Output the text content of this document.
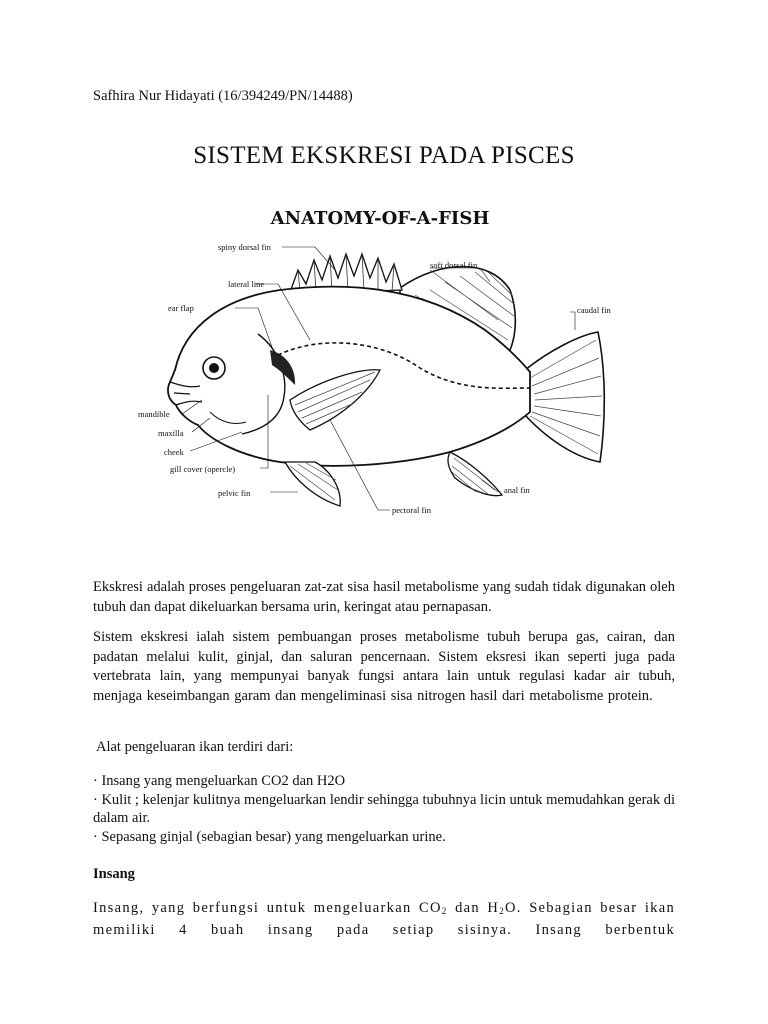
Safhira Nur Hidayati (16/394249/PN/14488)
SISTEM EKSKRESI PADA PISCES
ANATOMY-OF-A-FISH
spiny dorsal fin
soft dorsal fin
lateral line
ear flap	caudal fin
mandible
maxilla
cheek
gill cover (opercle)
pelvic fin	anal fin
pectoral fin
Ekskresi adalah proses pengeluaran zat-zat sisa hasil metabolisme yang sudah tidak digunakan oleh tubuh dan dapat dikeluarkan bersama urin, keringat atau pernapasan.
Sistem ekskresi ialah sistem pembuangan proses metabolisme tubuh berupa gas, cairan, dan padatan melalui kulit, ginjal, dan saluran pencernaan. Sistem eksresi ikan seperti juga pada vertebrata lain, yang mempunyai banyak fungsi antara lain untuk regulasi kadar air tubuh, menjaga keseimbangan garam dan mengeliminasi sisa nitrogen hasil dari metabolisme protein.
Alat pengeluaran ikan terdiri dari:
· Insang yang mengeluarkan CO2 dan H2O
· Kulit ; kelenjar kulitnya mengeluarkan lendir sehingga tubuhnya licin untuk memudahkan gerak di dalam air.
· Sepasang ginjal (sebagian besar) yang mengeluarkan urine.
Insang
Insang, yang berfungsi untuk mengeluarkan $CO_2$ dan $H_2O$. Sebagian besar ikan
memiliki 4 buah insang pada setiap sisinya. Insang berbentuk
